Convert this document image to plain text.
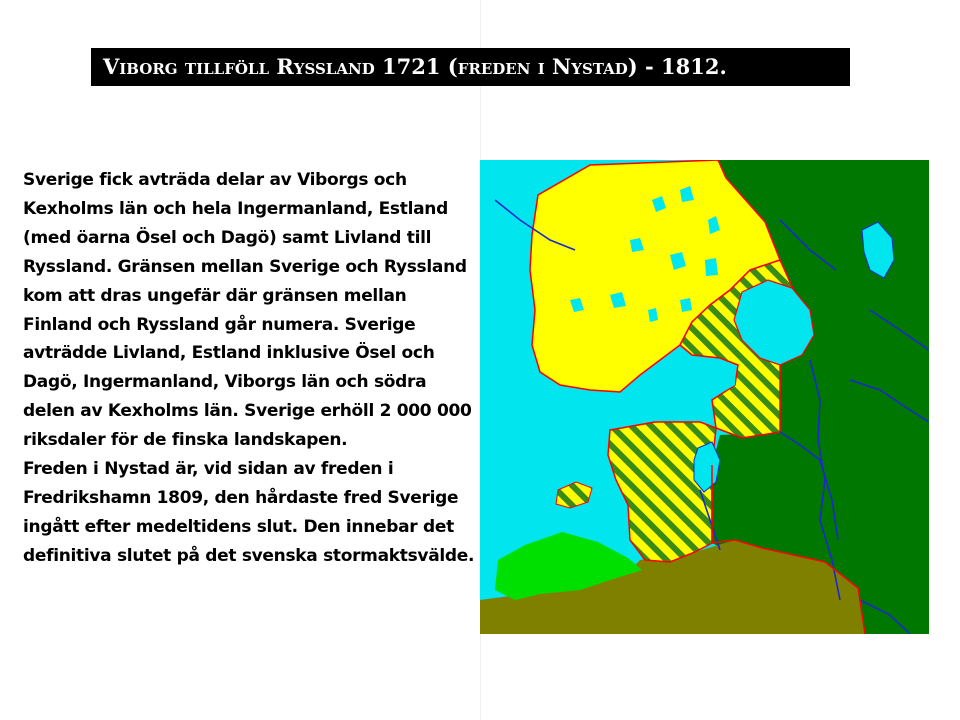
Viborg tillföll Ryssland 1721 (freden i Nystad) - 1812.

Sverige fick avträda delar av Viborgs och Kexholms län och hela Ingermanland, Estland (med öarna Ösel och Dagö) samt Livland till Ryssland. Gränsen mellan Sverige och Ryssland kom att dras ungefär där gränsen mellan Finland och Ryssland går numera. Sverige avträdde Livland, Estland inklusive Ösel och Dagö, Ingermanland, Viborgs län och södra delen av Kexholms län. Sverige erhöll 2 000 000 riksdaler för de finska landskapen.

Freden i Nystad är, vid sidan av freden i Fredrikshamn 1809, den hårdaste fred Sverige ingått efter medeltidens slut. Den innebar det definitiva slutet på det svenska stormaktsvälde.
